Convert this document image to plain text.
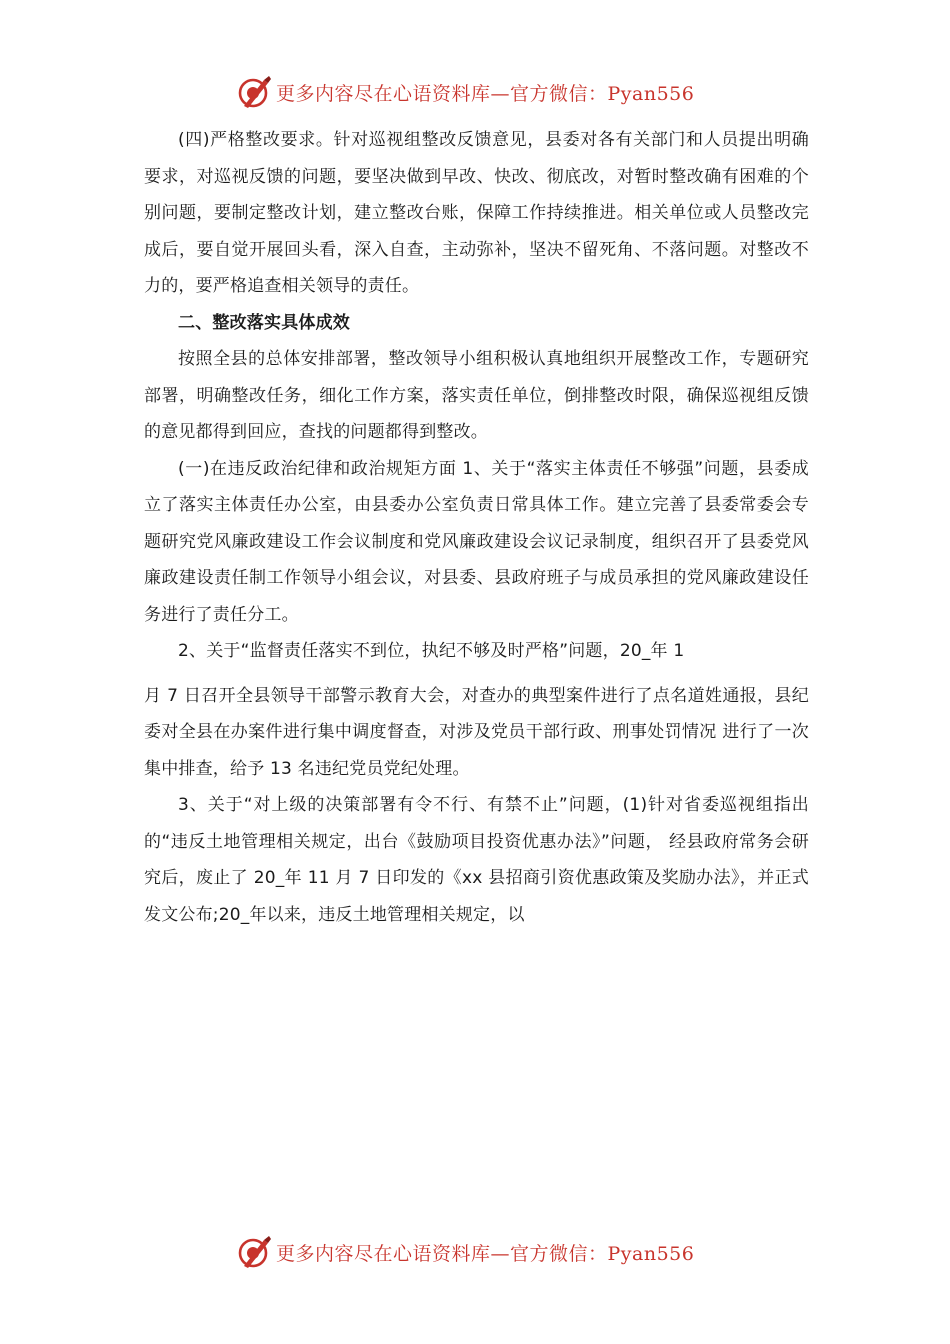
更多内容尽在心语资料库—官方微信：Pyan556

(四)严格整改要求。针对巡视组整改反馈意见，县委对各有关部门和人员提出明确要求，对巡视反馈的问题，要坚决做到早改、快改、彻底改，对暂时整改确有困难的个别问题，要制定整改计划，建立整改台账，保障工作持续推进。相关单位或人员整改完成后，要自觉开展回头看，深入自查，主动弥补，坚决不留死角、不落问题。对整改不力的，要严格追查相关领导的责任。

二、整改落实具体成效

按照全县的总体安排部署，整改领导小组积极认真地组织开展整改工作，专题研究部署，明确整改任务，细化工作方案，落实责任单位，倒排整改时限，确保巡视组反馈的意见都得到回应，查找的问题都得到整改。

(一)在违反政治纪律和政治规矩方面 1、关于“落实主体责任不够强”问题，县委成立了落实主体责任办公室，由县委办公室负责日常具体工作。建立完善了县委常委会专题研究党风廉政建设工作会议制度和党风廉政建设会议记录制度，组织召开了县委党风廉政建设责任制工作领导小组会议，对县委、县政府班子与成员承担的党风廉政建设任务进行了责任分工。

2、关于“监督责任落实不到位，执纪不够及时严格”问题，20_年 1

月 7 日召开全县领导干部警示教育大会，对查办的典型案件进行了点名道姓通报，县纪委对全县在办案件进行集中调度督查，对涉及党员干部行政、刑事处罚情况 进行了一次集中排查，给予 13 名违纪党员党纪处理。

3、关于“对上级的决策部署有令不行、有禁不止”问题，(1)针对省委巡视组指出的“违反土地管理相关规定，出台《鼓励项目投资优惠办法》”问题， 经县政府常务会研究后，废止了 20_年 11 月 7 日印发的《xx 县招商引资优惠政策及奖励办法》，并正式发文公布;20_年以来，违反土地管理相关规定，以

更多内容尽在心语资料库—官方微信：Pyan556
